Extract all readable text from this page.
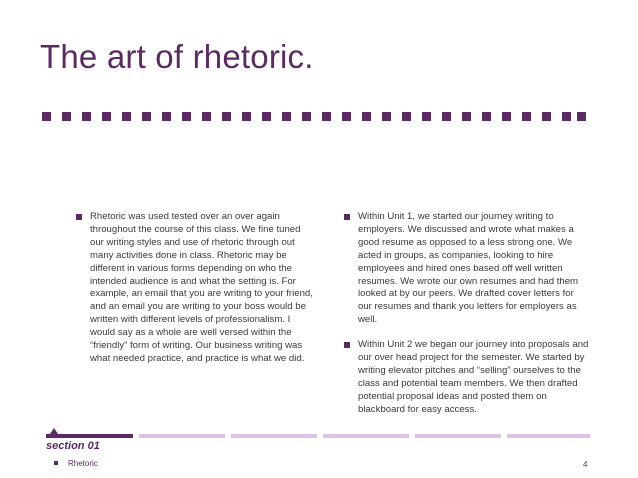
The art of rhetoric.
Rhetoric was used tested over an over again throughout the course of this class. We fine tuned our writing styles and use of rhetoric through out many activities done in class. Rhetoric may be different in various forms depending on who the intended audience is and what the setting is. For example, an email that you are writing to your friend, and an email you are writing to your boss would be written with different levels of professionalism. I would say as a whole are well versed within the “friendly” form of writing. Our business writing was what needed practice, and practice is what we did.
Within Unit 1, we started our journey writing to employers. We discussed and wrote what makes a good resume as opposed to a less strong one. We acted in groups, as companies, looking to hire employees and hired ones based off well written resumes. We wrote our own resumes and had them looked at by our peers. We drafted cover letters for our resumes and thank you letters for employers as well.
Within Unit 2 we began our journey into proposals and our over head project for the semester. We started by writing elevator pitches and “selling” ourselves to the class and potential team members. We then drafted potential proposal ideas and posted them on blackboard for easy access.
section 01
Rhetoric	4
